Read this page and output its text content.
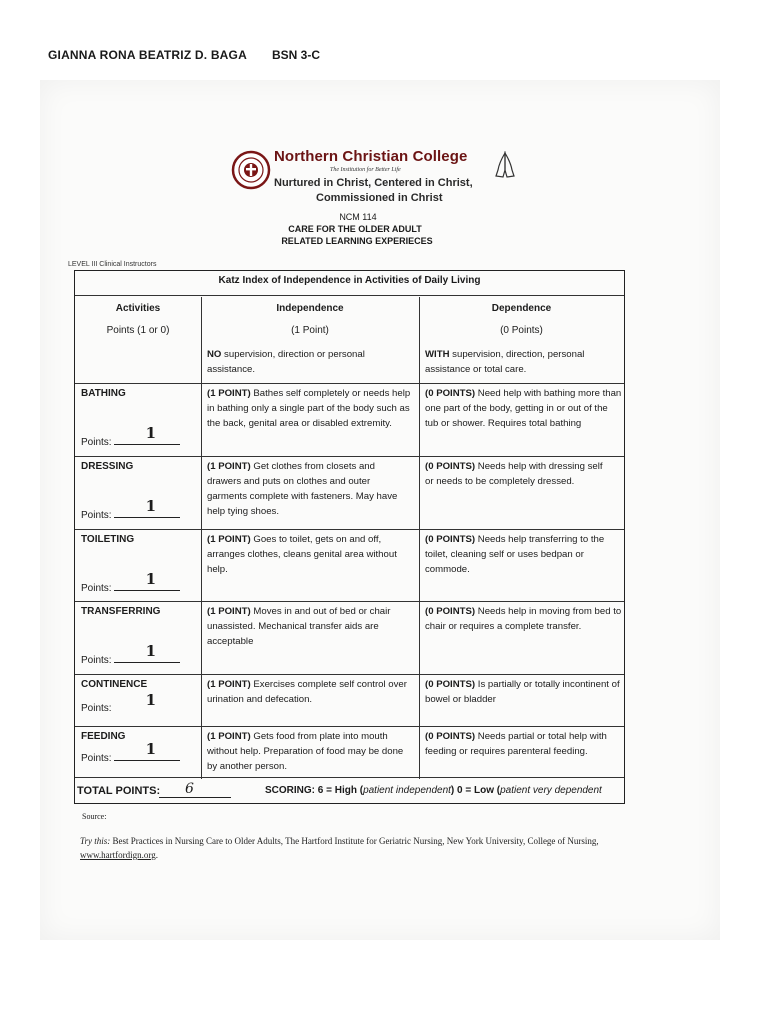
GIANNA RONA BEATRIZ D. BAGA BSN 3-C
Northern Christian College
The Institution for Better Life
Nurtured in Christ, Centered in Christ,
Commissioned in Christ
NCM 114
CARE FOR THE OLDER ADULT
RELATED LEARNING EXPERIECES
LEVEL III Clinical Instructors
Katz Index of Independence in Activities of Daily Living
Activities
Points (1 or 0)
Independence
(1 Point)
NO supervision, direction or personal assistance.
Dependence
(0 Points)
WITH supervision, direction, personal assistance or total care.
BATHING
Points:
1
(1 POINT) Bathes self completely or needs help in bathing only a single part of the body such as the back, genital area or disabled extremity.
(0 POINTS) Need help with bathing more than one part of the body, getting in or out of the tub or shower. Requires total bathing
DRESSING
Points:
1
(1 POINT) Get clothes from closets and drawers and puts on clothes and outer garments complete with fasteners. May have help tying shoes.
(0 POINTS) Needs help with dressing self or needs to be completely dressed.
TOILETING
Points:
1
(1 POINT) Goes to toilet, gets on and off, arranges clothes, cleans genital area without help.
(0 POINTS) Needs help transferring to the toilet, cleaning self or uses bedpan or commode.
TRANSFERRING
Points:
1
(1 POINT) Moves in and out of bed or chair unassisted. Mechanical transfer aids are acceptable
(0 POINTS) Needs help in moving from bed to chair or requires a complete transfer.
CONTINENCE
Points: 1
(1 POINT) Exercises complete self control over urination and defecation.
(0 POINTS) Is partially or totally incontinent of bowel or bladder
FEEDING
Points:
1
(1 POINT) Gets food from plate into mouth without help. Preparation of food may be done by another person.
(0 POINTS) Needs partial or total help with feeding or requires parenteral feeding.
TOTAL POINTS: 6	SCORING: 6 = High (patient independent) 0 = Low (patient very dependent
Source:
Try this: Best Practices in Nursing Care to Older Adults, The Hartford Institute for Geriatric Nursing, New York University, College of Nursing, www.hartfordign.org.
